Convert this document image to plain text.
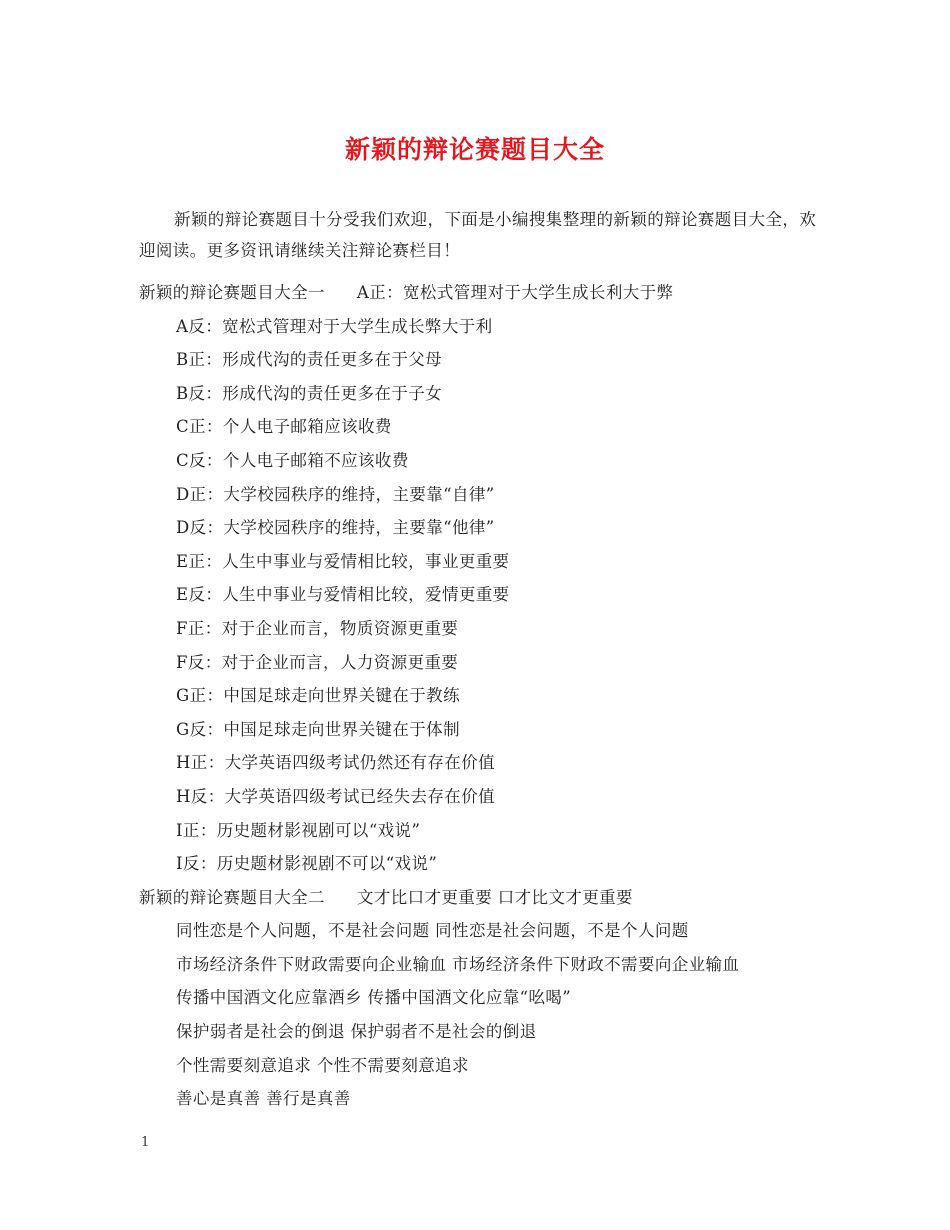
新颖的辩论赛题目大全
新颖的辩论赛题目十分受我们欢迎，下面是小编搜集整理的新颖的辩论赛题目大全，欢迎阅读。更多资讯请继续关注辩论赛栏目！
新颖的辩论赛题目大全一 A正：宽松式管理对于大学生成长利大于弊
A反：宽松式管理对于大学生成长弊大于利
B正：形成代沟的责任更多在于父母
B反：形成代沟的责任更多在于子女
C正：个人电子邮箱应该收费
C反：个人电子邮箱不应该收费
D正：大学校园秩序的维持，主要靠“自律”
D反：大学校园秩序的维持，主要靠“他律”
E正：人生中事业与爱情相比较，事业更重要
E反：人生中事业与爱情相比较，爱情更重要
F正：对于企业而言，物质资源更重要
F反：对于企业而言，人力资源更重要
G正：中国足球走向世界关键在于教练
G反：中国足球走向世界关键在于体制
H正：大学英语四级考试仍然还有存在价值
H反：大学英语四级考试已经失去存在价值
I正：历史题材影视剧可以“戏说”
I反：历史题材影视剧不可以“戏说”
新颖的辩论赛题目大全二 文才比口才更重要 口才比文才更重要
同性恋是个人问题，不是社会问题 同性恋是社会问题，不是个人问题
市场经济条件下财政需要向企业输血 市场经济条件下财政不需要向企业输血
传播中国酒文化应靠酒乡 传播中国酒文化应靠“吆喝”
保护弱者是社会的倒退 保护弱者不是社会的倒退
个性需要刻意追求 个性不需要刻意追求
善心是真善 善行是真善
1
